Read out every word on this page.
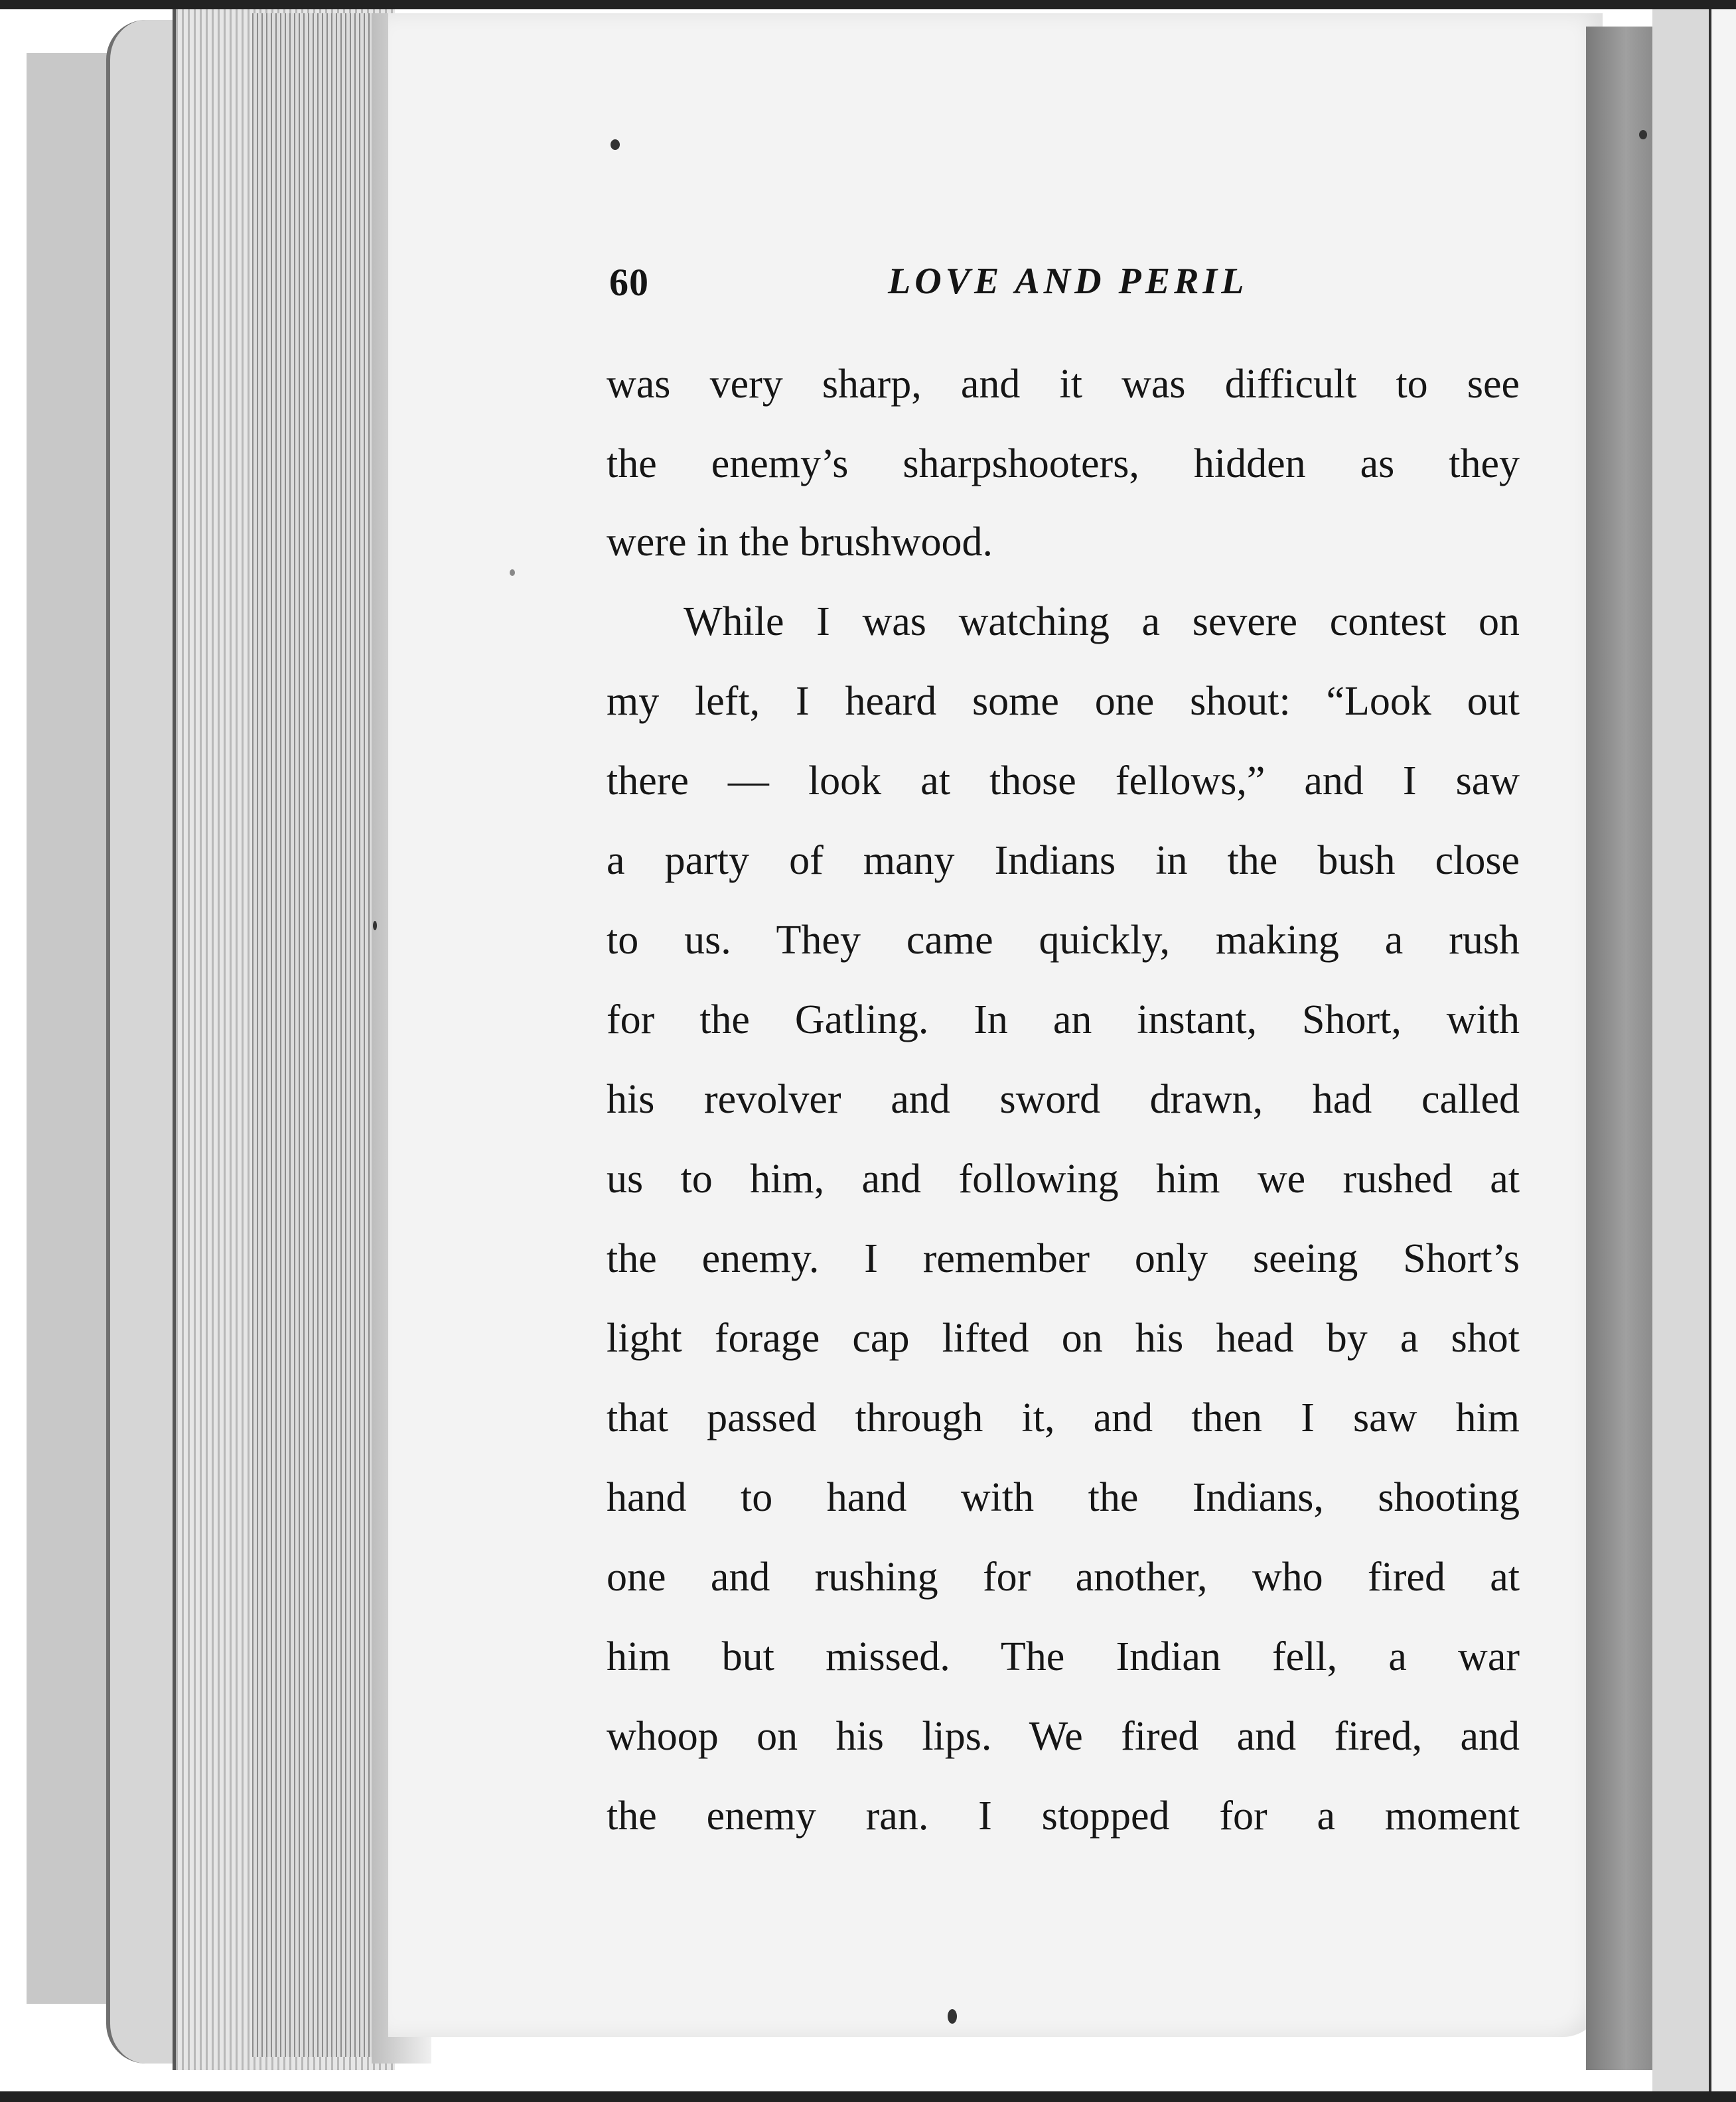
60	LOVE AND PERIL
was very sharp, and it was difficult to see
the enemy’s sharpshooters, hidden as they
were in the brushwood.
While I was watching a severe contest on
my left, I heard some one shout: “Look out
there — look at those fellows,” and I saw
a party of many Indians in the bush close
to us. They came quickly, making a rush
for the Gatling. In an instant, Short, with
his revolver and sword drawn, had called
us to him, and following him we rushed at
the enemy. I remember only seeing Short’s
light forage cap lifted on his head by a shot
that passed through it, and then I saw him
hand to hand with the Indians, shooting
one and rushing for another, who fired at
him but missed. The Indian fell, a war
whoop on his lips. We fired and fired, and
the enemy ran. I stopped for a moment
